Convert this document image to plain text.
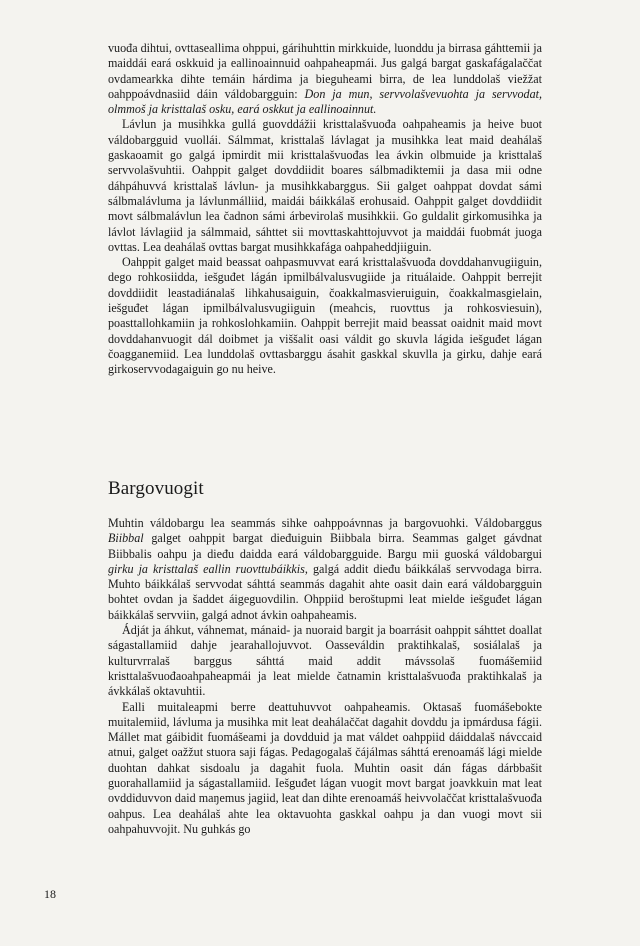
vuođa dihtui, ovttaseallima ohppui, gárihuhttin mirkkuide, luonddu ja birrasa gáhttemii ja maiddái eará oskkuid ja eallinoainnuid oahpaheapmái. Jus galgá bargat gaskafágalaččat ovdamearkka dihte temáin hárdima ja bieguheami birra, de lea lunddolaš viežžat oahppoávdnasiid dáin váldobargguin: Don ja mun, servvolašvevuohta ja servvodat, olmmoš ja kristtalaš osku, eará oskkut ja eallinoainnut.

Lávlun ja musihkka gullá guovddážii kristtalašvuođa oahpaheamis ja heive buot váldobargguid vuollái. Sálmmat, kristtalaš lávlagat ja musihkka leat maid deahálaš gaskaoamit go galgá ipmirdit mii kristtalašvuođas lea ávkin olbmuide ja kristtalaš servvolašvuhtii. Oahppit galget dovddiidit boares sálbmadiktemii ja dasa mii odne dáhpáhuvvá kristtalaš lávlun- ja musihkkabarggus. Sii galget oahppat dovdat sámi sálbmalávluma ja lávlunmálliid, maidái báikkálaš erohusaid. Oahppit galget dovddiidit movt sálbmalávlun lea čadnon sámi árbevirolaš musihkkii. Go guldalit girkomusihka ja lávlot lávlagiid ja sálmmaid, sáhttet sii movttaskahttojuvvot ja maiddái fuobmát juoga ovttas. Lea deahálaš ovttas bargat musihkkafága oahpaheddjiiguin.

Oahppit galget maid beassat oahpasmuvvat eará kristtalašvuođa dovddahanvugiiguin, dego rohkosiidda, iešguđet lágán ipmilbálvalusvugiide ja rituálaide. Oahppit berrejit dovddiidit leastadiánalaš lihkahusaiguin, čoakkalmasvieruiguin, čoakkalmasgielain, iešguđet lágan ipmilbálvalusvugiiguin (meahcis, ruovttus ja rohkosviesuin), poasttallohkamiin ja rohkoslohkamiin. Oahppit berrejit maid beassat oaidnit maid movt dovddahanvuogit dál doibmet ja viššalit oasi váldit go skuvla lágida iešguđet lágan čoagganemiid. Lea lunddolaš ovttasbarggu ásahit gaskkal skuvlla ja girku, dahje eará girkoservvodagaiguin go nu heive.

Bargovuogit

Muhtin váldobargu lea seammás sihke oahppoávnnas ja bargovuohki. Váldobarggus Biibbal galget oahppit bargat dieđuiguin Biibbala birra. Seammas galget gávdnat Biibbalis oahpu ja dieđu daidda eará váldobargguide. Bargu mii guoská váldobargui girku ja kristtalaš eallin ruovttubáikkis, galgá addit dieđu báikkálaš servvodaga birra. Muhto báikkálaš servvodat sáhttá seammás dagahit ahte oasit dain eará váldobargguin bohtet ovdan ja šaddet áigeguovdilin. Ohppiid beroštupmi leat mielde iešguđet lágan báikkálaš servviin, galgá adnot ávkin oahpaheamis.

Ádját ja áhkut, váhnemat, mánaid- ja nuoraid bargit ja boarrásit oahppit sáhttet doallat ságastallamiid dahje jearahallojuvvot. Oasseváldin praktihkalaš, sosiálalaš ja kulturvrralaš barggus sáhttá maid addit mávssolaš fuomášemiid kristtalašvuođaoahpaheapmái ja leat mielde čatnamin kristtalašvuođa praktihkalaš ja ávkkálaš oktavuhtii.

Ealli muitaleapmi berre deattuhuvvot oahpaheamis. Oktasaš fuomášebokte muitalemiid, lávluma ja musihka mit leat deahálaččat dagahit dovddu ja ipmárdusa fágii. Mállet mat gáibidit fuomášeami ja dovdduid ja mat váldet oahppiid dáiddalaš návccaid atnui, galget oažžut stuora saji fágas. Pedagogalaš čájálmas sáhttá erenoamáš lági mielde duohtan dahkat sisdoalu ja dagahit fuola. Muhtin oasit dán fágas dárbbašit guorahallamiid ja ságastallamiid. Iešguđet lágan vuogit movt bargat joavkkuin mat leat ovddiduvvon daid maŋemus jagiid, leat dan dihte erenoamáš heivvolaččat kristtalašvuođa oahpus. Lea deahálaš ahte lea oktavuohta gaskkal oahpu ja dan vuogi movt sii oahpahuvvojit. Nu guhkás go

18
